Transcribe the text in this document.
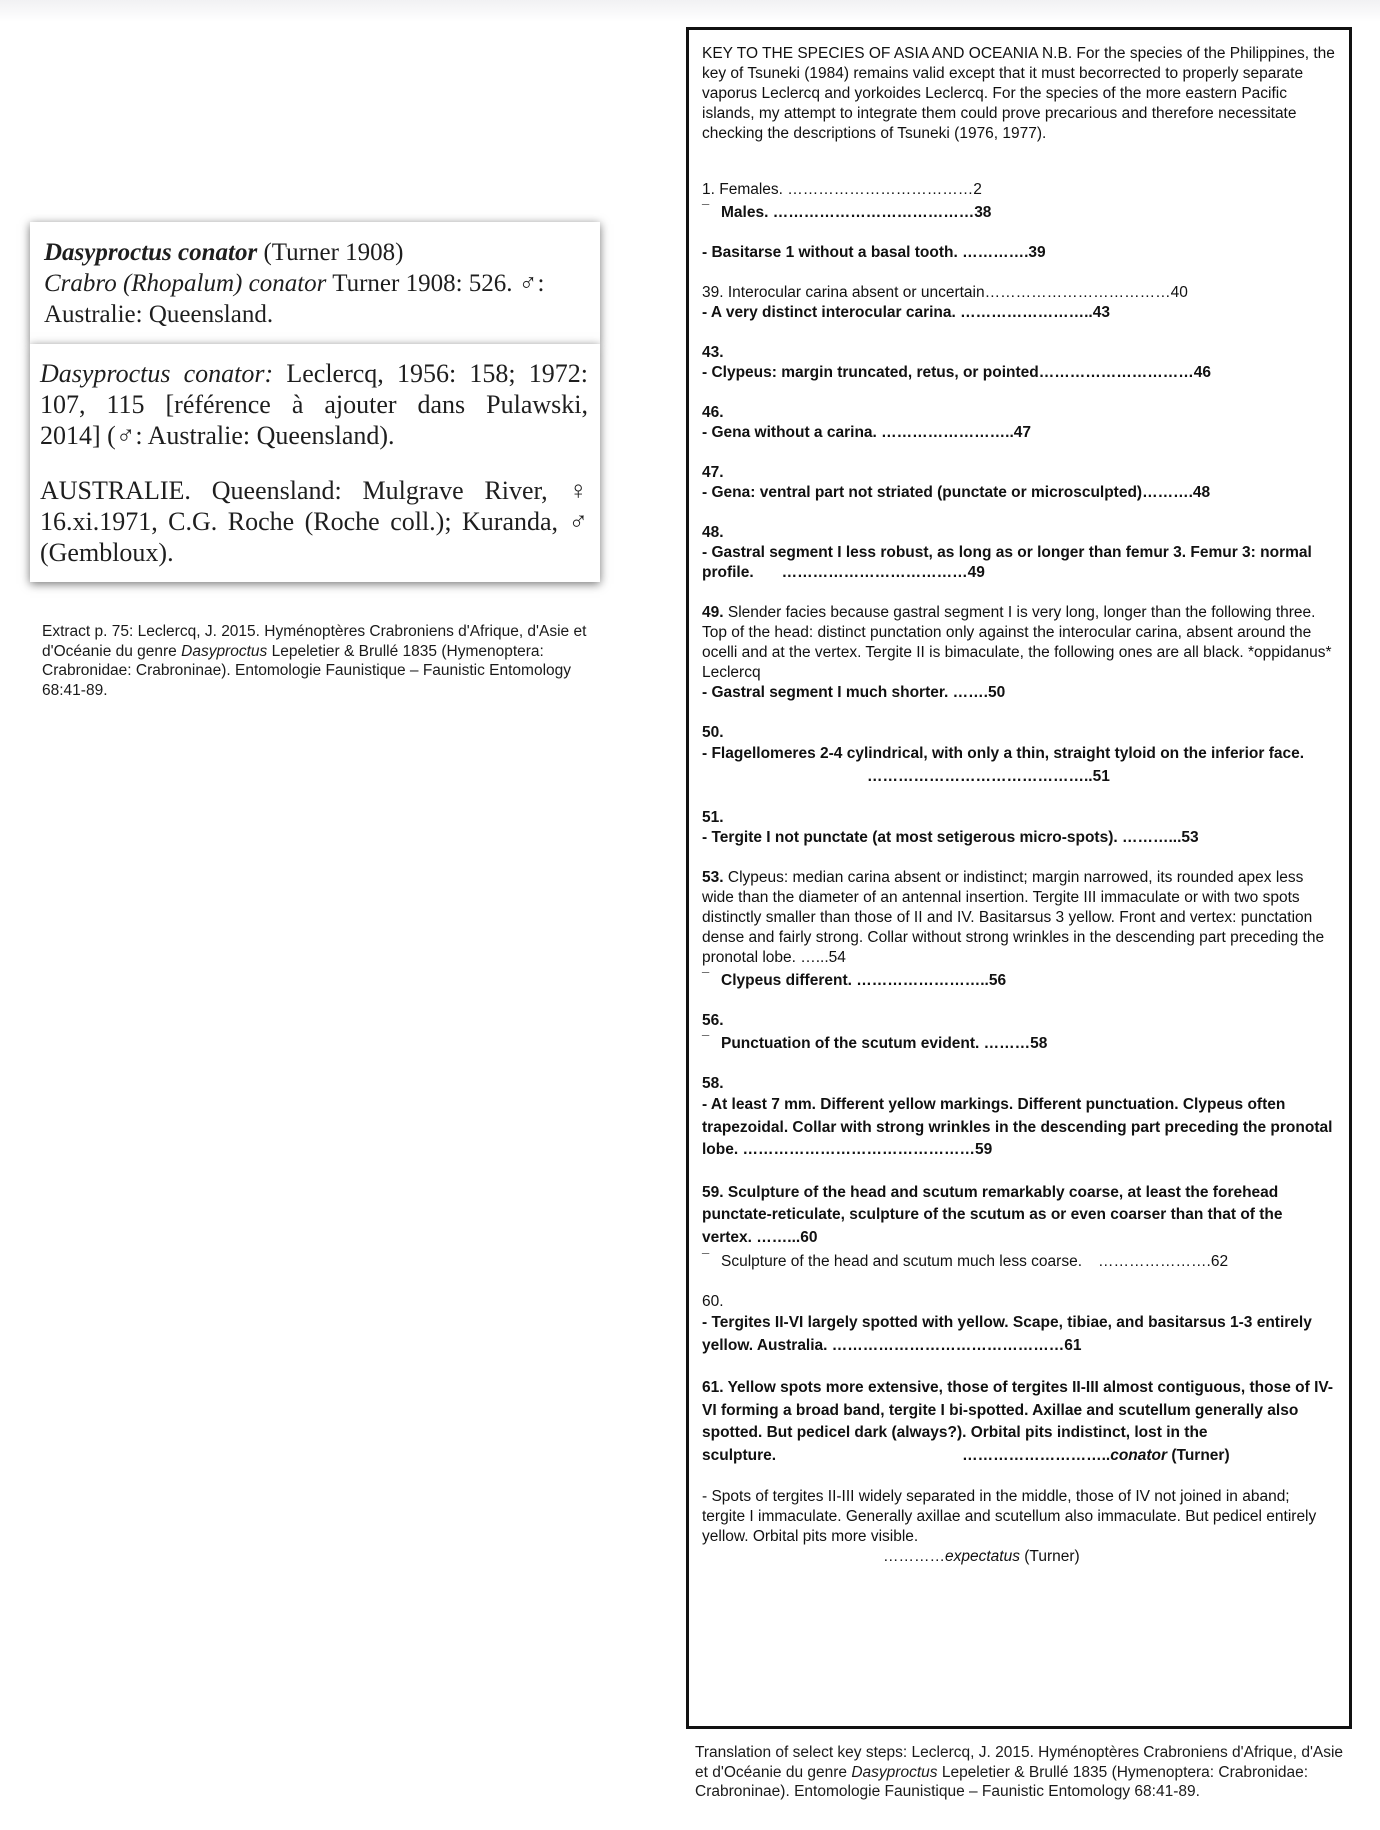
Dasyproctus conator (Turner 1908)
Crabro (Rhopalum) conator Turner 1908: 526. ♂:
Australie: Queensland.
Dasyproctus conator: Leclercq, 1956: 158; 1972:
107, 115 [référence à ajouter dans Pulawski,
2014] (♂: Australie: Queensland).
AUSTRALIE. Queensland: Mulgrave River, ♀
16.xi.1971, C.G. Roche (Roche coll.); Kuranda, ♂
(Gembloux).
Extract p. 75: Leclercq, J. 2015. Hyménoptères Crabroniens d'Afrique, d'Asie et d'Océanie du genre Dasyproctus Lepeletier & Brullé 1835 (Hymenoptera: Crabronidae: Crabroninae). Entomologie Faunistique – Faunistic Entomology 68:41-89.
KEY TO THE SPECIES OF ASIA AND OCEANIA N.B. For the species of the Philippines, the key of Tsuneki (1984) remains valid except that it must becorrected to properly separate vaporus Leclercq and yorkoides Leclercq. For the species of the more eastern Pacific islands, my attempt to integrate them could prove precarious and therefore necessitate checking the descriptions of Tsuneki (1976, 1977).

1. Females. ………………………………2

¯ Males. …………………………………38

- Basitarse 1 without a basal tooth. ………….39

39. Interocular carina absent or uncertain………………………………40

- A very distinct interocular carina. ……………………..43

43.

- Clypeus: margin truncated, retus, or pointed…………………………46

46.

- Gena without a carina. ……………………..47

47.

- Gena: ventral part not striated (punctate or microsculpted)……….48

48.

- Gastral segment I less robust, as long as or longer than femur 3. Femur 3: normal profile. ………………………………49

49. Slender facies because gastral segment I is very long, longer than the following three. Top of the head: distinct punctation only against the interocular carina, absent around the ocelli and at the vertex. Tergite II is bimaculate, the following ones are all black. *oppidanus* Leclercq

- Gastral segment I much shorter. …….50

50.

- Flagellomeres 2-4 cylindrical, with only a thin, straight tyloid on the inferior face.……………………………………..51

51.

- Tergite I not punctate (at most setigerous micro-spots). ………...53

53. Clypeus: median carina absent or indistinct; margin narrowed, its rounded apex less wide than the diameter of an antennal insertion. Tergite III immaculate or with two spots distinctly smaller than those of II and IV. Basitarsus 3 yellow. Front and vertex: punctation dense and fairly strong. Collar without strong wrinkles in the descending part preceding the pronotal lobe. …...54

¯ Clypeus different. ……………………..56

56.

¯ Punctuation of the scutum evident. ………58

58.

- At least 7 mm. Different yellow markings. Different punctuation. Clypeus often trapezoidal. Collar with strong wrinkles in the descending part preceding the pronotal lobe. ………………………………………59

59. Sculpture of the head and scutum remarkably coarse, at least the forehead punctate-reticulate, sculpture of the scutum as or even coarser than that of the vertex. ……...60

¯ Sculpture of the head and scutum much less coarse. ………………….62

60.

- Tergites II-VI largely spotted with yellow. Scape, tibiae, and basitarsus 1-3 entirely yellow. Australia. ………………………………………61

61. Yellow spots more extensive, those of tergites II-III almost contiguous, those of IV-VI forming a broad band, tergite I bi-spotted. Axillae and scutellum generally also spotted. But pedicel dark (always?). Orbital pits indistinct, lost in the

sculpture.	………………………..conator (Turner)

- Spots of tergites II-III widely separated in the middle, those of IV not joined in aband; tergite I immaculate. Generally axillae and scutellum also immaculate. But pedicel entirely yellow. Orbital pits more visible.

…………expectatus (Turner)

Translation of select key steps: Leclercq, J. 2015. Hyménoptères Crabroniens d'Afrique, d'Asie et d'Océanie du genre Dasyproctus Lepeletier & Brullé 1835 (Hymenoptera: Crabronidae: Crabroninae). Entomologie Faunistique – Faunistic Entomology 68:41-89.
